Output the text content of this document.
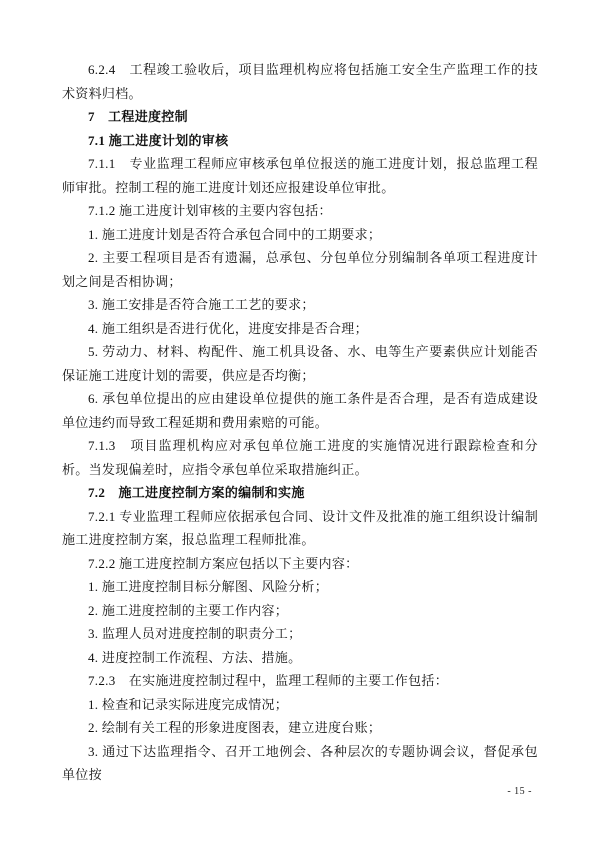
6.2.4　工程竣工验收后，项目监理机构应将包括施工安全生产监理工作的技术资料归档。

7　工程进度控制

7.1 施工进度计划的审核

7.1.1　专业监理工程师应审核承包单位报送的施工进度计划，报总监理工程师审批。控制工程的施工进度计划还应报建设单位审批。

7.1.2 施工进度计划审核的主要内容包括：

1. 施工进度计划是否符合承包合同中的工期要求；

2. 主要工程项目是否有遗漏，总承包、分包单位分别编制各单项工程进度计划之间是否相协调；

3. 施工安排是否符合施工工艺的要求；

4. 施工组织是否进行优化，进度安排是否合理；

5. 劳动力、材料、构配件、施工机具设备、水、电等生产要素供应计划能否保证施工进度计划的需要，供应是否均衡；

6. 承包单位提出的应由建设单位提供的施工条件是否合理，是否有造成建设单位违约而导致工程延期和费用索赔的可能。

7.1.3　项目监理机构应对承包单位施工进度的实施情况进行跟踪检查和分析。当发现偏差时，应指令承包单位采取措施纠正。

7.2　施工进度控制方案的编制和实施

7.2.1 专业监理工程师应依据承包合同、设计文件及批准的施工组织设计编制施工进度控制方案，报总监理工程师批准。

7.2.2 施工进度控制方案应包括以下主要内容：

1. 施工进度控制目标分解图、风险分析；

2. 施工进度控制的主要工作内容；

3. 监理人员对进度控制的职责分工；

4. 进度控制工作流程、方法、措施。

7.2.3　在实施进度控制过程中，监理工程师的主要工作包括：

1. 检查和记录实际进度完成情况；

2. 绘制有关工程的形象进度图表，建立进度台账；

3. 通过下达监理指令、召开工地例会、各种层次的专题协调会议，督促承包单位按

- 15 -
